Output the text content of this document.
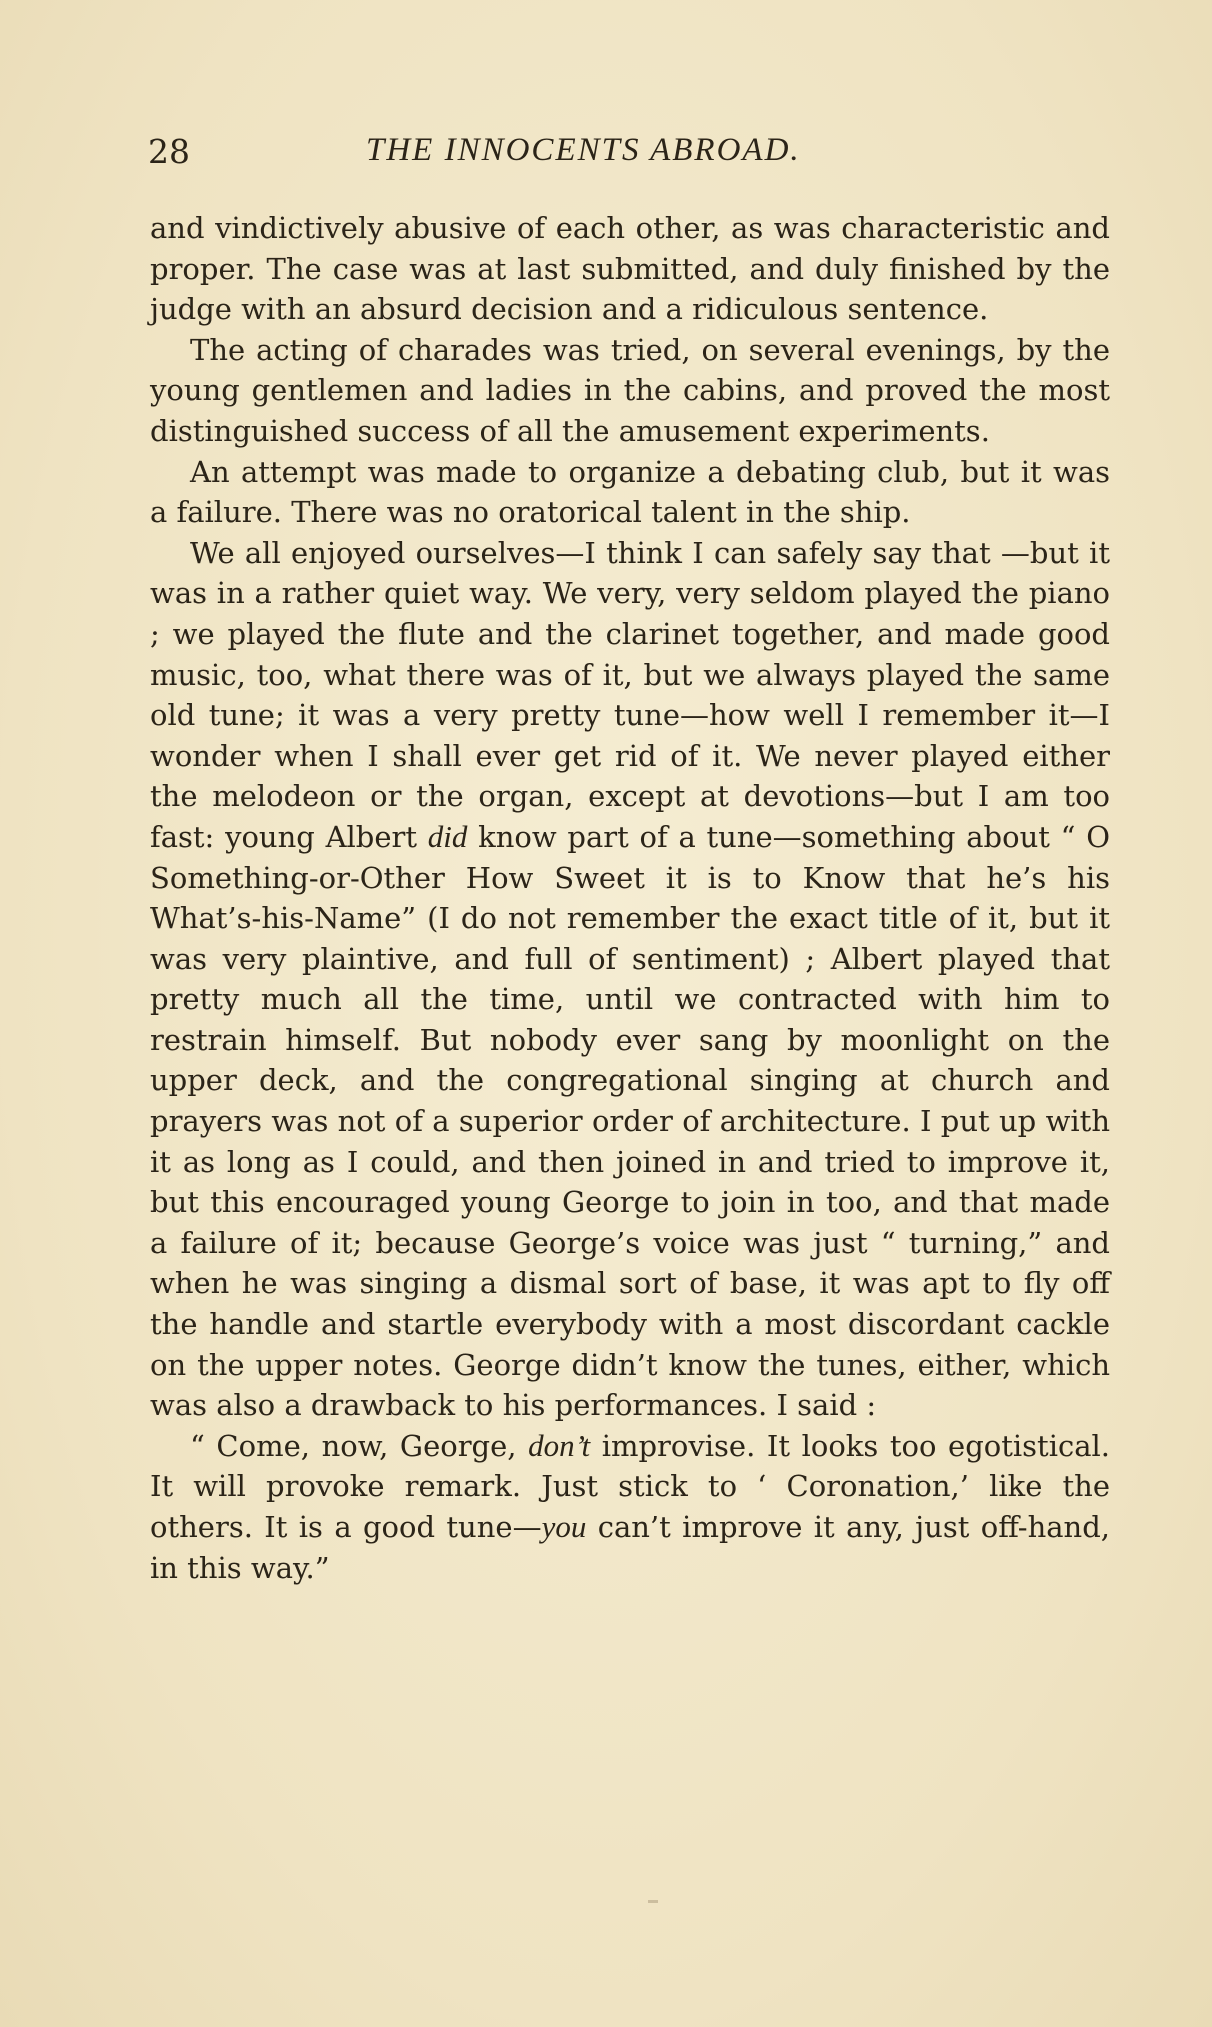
28	THE INNOCENTS ABROAD.

and vindictively abusive of each other, as was characteristic and proper. The case was at last submitted, and duly finished by the judge with an absurd decision and a ridiculous sentence.

The acting of charades was tried, on several evenings, by the young gentlemen and ladies in the cabins, and proved the most distinguished success of all the amusement experiments.

An attempt was made to organize a debating club, but it was a failure. There was no oratorical talent in the ship.

We all enjoyed ourselves—I think I can safely say that —but it was in a rather quiet way. We very, very seldom played the piano ; we played the flute and the clarinet together, and made good music, too, what there was of it, but we always played the same old tune; it was a very pretty tune—how well I remember it—I wonder when I shall ever get rid of it. We never played either the melodeon or the organ, except at devotions—but I am too fast: young Albert did know part of a tune—something about “ O Something-or-Other How Sweet it is to Know that he’s his What’s-his-Name” (I do not remember the exact title of it, but it was very plaintive, and full of sentiment) ; Albert played that pretty much all the time, until we contracted with him to restrain himself. But nobody ever sang by moonlight on the upper deck, and the congregational singing at church and prayers was not of a superior order of architecture. I put up with it as long as I could, and then joined in and tried to improve it, but this encouraged young George to join in too, and that made a failure of it; because George’s voice was just “ turning,” and when he was singing a dismal sort of base, it was apt to fly off the handle and startle everybody with a most discordant cackle on the upper notes. George didn’t know the tunes, either, which was also a drawback to his performances. I said :

“ Come, now, George, don’t improvise. It looks too egotistical. It will provoke remark. Just stick to ‘ Coronation,’ like the others. It is a good tune—you can’t improve it any, just off-hand, in this way.”
